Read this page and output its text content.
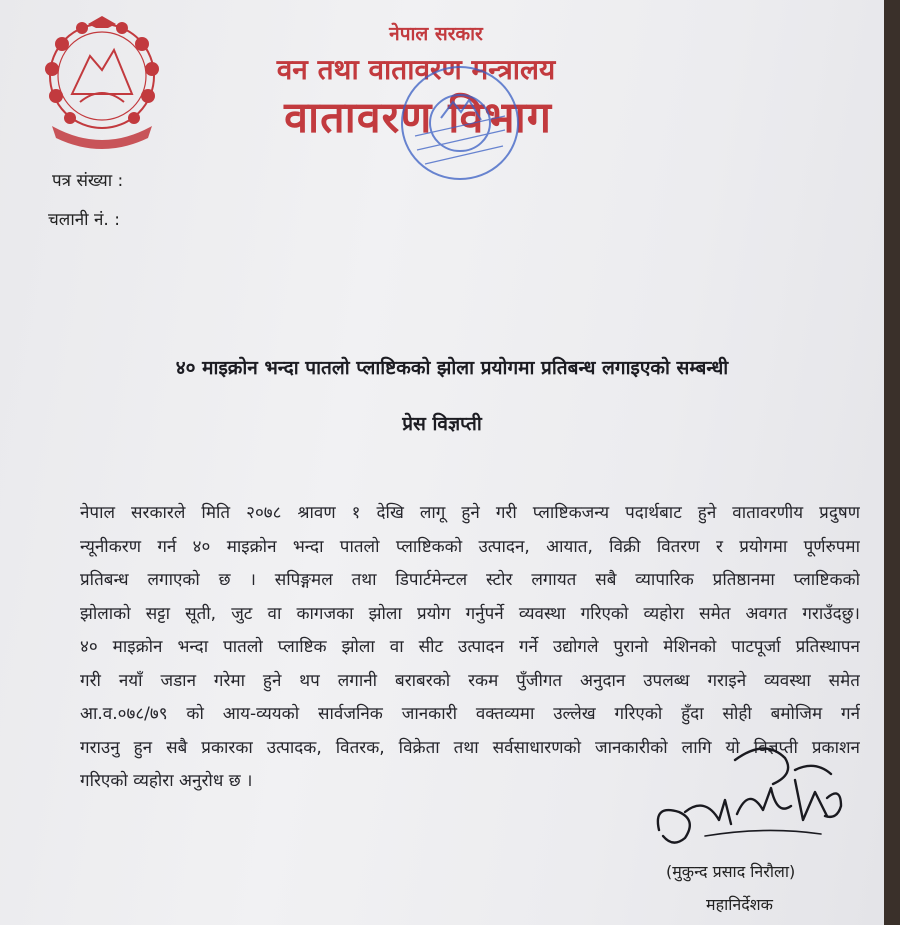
नेपाल सरकार
वन तथा वातावरण मन्त्रालय
वातावरण विभाग
पत्र संख्या :
चलानी नं. :
४० माइक्रोन भन्दा पातलो प्लाष्टिकको झोला प्रयोगमा प्रतिबन्ध लगाइएको सम्बन्धी
प्रेस विज्ञप्ती
नेपाल सरकारले मिति २०७८ श्रावण १ देखि लागू हुने गरी प्लाष्टिकजन्य पदार्थबाट हुने वातावरणीय प्रदुषण
न्यूनीकरण गर्न ४० माइक्रोन भन्दा पातलो प्लाष्टिकको उत्पादन, आयात, विक्री वितरण र प्रयोगमा पूर्णरुपमा
प्रतिबन्ध लगाएको छ । सपिङ्गमल तथा डिपार्टमेन्टल स्टोर लगायत सबै व्यापारिक प्रतिष्ठानमा प्लाष्टिकको
झोलाको सट्टा सूती, जुट वा कागजका झोला प्रयोग गर्नुपर्ने व्यवस्था गरिएको व्यहोरा समेत अवगत गराउँदछु।
४० माइक्रोन भन्दा पातलो प्लाष्टिक झोला वा सीट उत्पादन गर्ने उद्योगले पुरानो मेशिनको पाटपूर्जा प्रतिस्थापन
गरी नयाँ जडान गरेमा हुने थप लगानी बराबरको रकम पुँजीगत अनुदान उपलब्ध गराइने व्यवस्था समेत
आ.व.०७८/७९ को आय-व्ययको सार्वजनिक जानकारी वक्तव्यमा उल्लेख गरिएको हुँदा सोही बमोजिम गर्न
गराउनु हुन सबै प्रकारका उत्पादक, वितरक, विक्रेता तथा सर्वसाधारणको जानकारीको लागि यो विज्ञप्ती प्रकाशन
गरिएको व्यहोरा अनुरोध छ ।
(मुकुन्द प्रसाद निरौला)
महानिर्देशक
